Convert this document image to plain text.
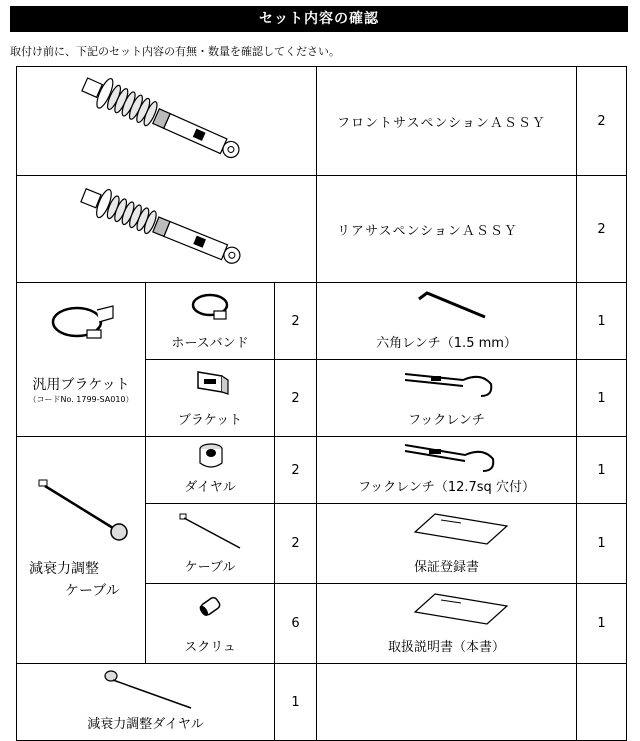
セット内容の確認
取付け前に、下記のセット内容の有無・数量を確認してください。
	フロントサスペンションＡＳＳＹ	2

	リアサスペンションＡＳＳＹ	2

汎用ブラケット
（コードNo. 1799-SA010）	ホースバンド	2	六角レンチ（1.5 mm）	1

	ブラケット	2	フックレンチ	1

減衰力調整
ケーブル	ダイヤル	2	フックレンチ（12.7sq 穴付）	1

	ケーブル	2	保証登録書	1

	スクリュ	6	取扱説明書（本書）	1

減衰力調整ダイヤル		1		
